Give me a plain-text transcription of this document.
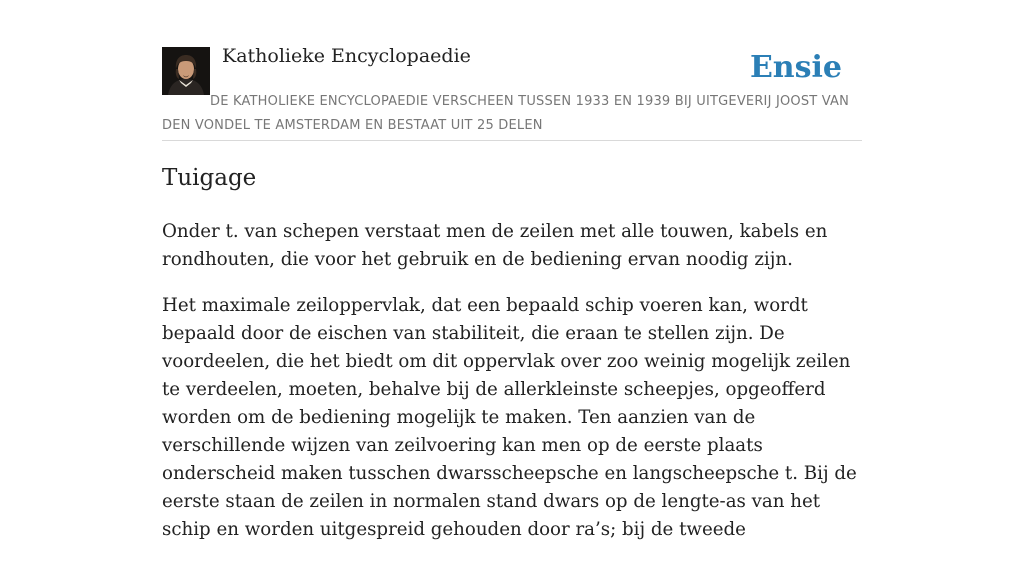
Katholieke Encyclopaedie	Ensie
DE KATHOLIEKE ENCYCLOPAEDIE VERSCHEEN TUSSEN 1933 EN 1939 BIJ UITGEVERIJ JOOST VAN DEN VONDEL TE AMSTERDAM EN BESTAAT UIT 25 DELEN
Tuigage

Onder t. van schepen verstaat men de zeilen met alle touwen, kabels en rondhouten, die voor het gebruik en de bediening ervan noodig zijn.

Het maximale zeiloppervlak, dat een bepaald schip voeren kan, wordt bepaald door de eischen van stabiliteit, die eraan te stellen zijn. De voordeelen, die het biedt om dit oppervlak over zoo weinig mogelijk zeilen te verdeelen, moeten, behalve bij de allerkleinste scheepjes, opgeofferd worden om de bediening mogelijk te maken. Ten aanzien van de verschillende wijzen van zeilvoering kan men op de eerste plaats onderscheid maken tusschen dwarsscheepsche en langscheepsche t. Bij de eerste staan de zeilen in normalen stand dwars op de lengte-as van het schip en worden uitgespreid gehouden door ra’s; bij de tweede
